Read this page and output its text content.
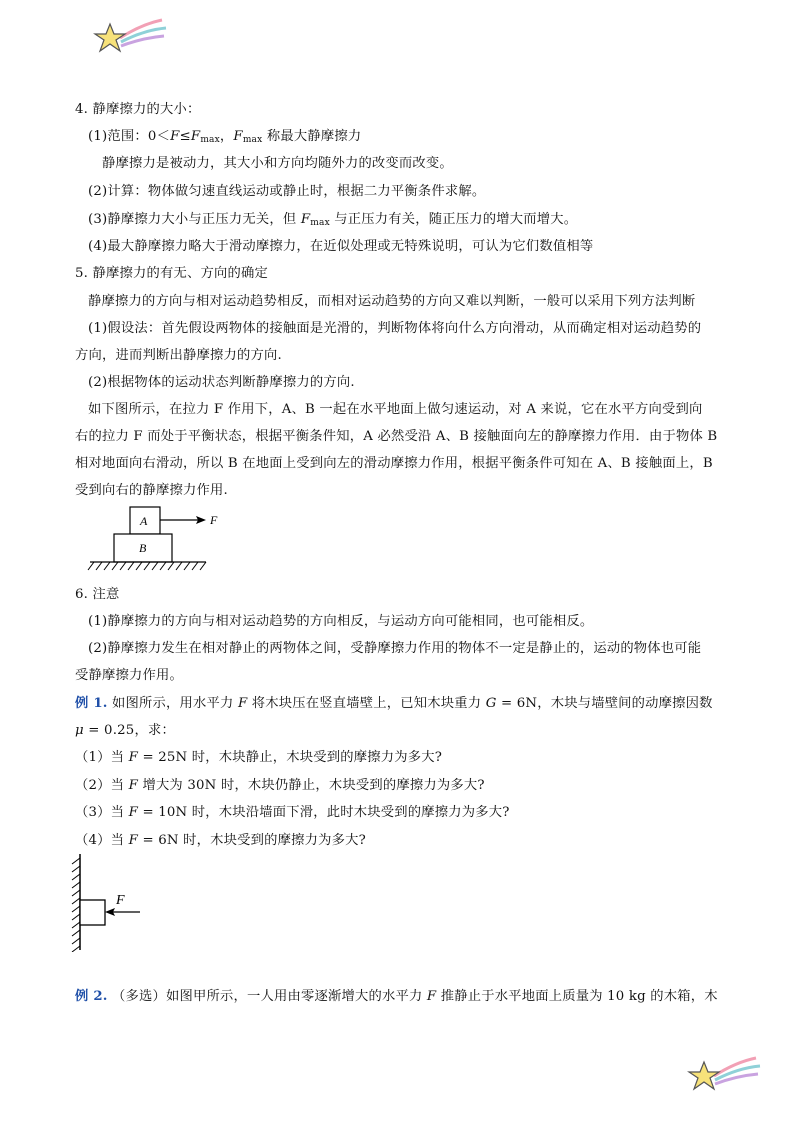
4. 静摩擦力的大小：
(1)范围：$0<F\le F_{max}$，$F_{max}$ 称最大静摩擦力
静摩擦力是被动力，其大小和方向均随外力的改变而改变。
(2)计算：物体做匀速直线运动或静止时，根据二力平衡条件求解。
(3)静摩擦力大小与正压力无关，但 $F_{max}$ 与正压力有关，随正压力的增大而增大。
(4)最大静摩擦力略大于滑动摩擦力，在近似处理或无特殊说明，可认为它们数值相等
5. 静摩擦力的有无、方向的确定
静摩擦力的方向与相对运动趋势相反，而相对运动趋势的方向又难以判断，一般可以采用下列方法判断
(1)假设法：首先假设两物体的接触面是光滑的，判断物体将向什么方向滑动，从而确定相对运动趋势的
方向，进而判断出静摩擦力的方向.
(2)根据物体的运动状态判断静摩擦力的方向.
如下图所示，在拉力 F 作用下，A、B 一起在水平地面上做匀速运动，对 A 来说，它在水平方向受到向
右的拉力 F 而处于平衡状态，根据平衡条件知，A 必然受沿 A、B 接触面向左的静摩擦力作用．由于物体 B
相对地面向右滑动，所以 B 在地面上受到向左的滑动摩擦力作用，根据平衡条件可知在 A、B 接触面上，B
受到向右的静摩擦力作用.
A
B
F
6. 注意
(1)静摩擦力的方向与相对运动趋势的方向相反，与运动方向可能相同，也可能相反。
(2)静摩擦力发生在相对静止的两物体之间，受静摩擦力作用的物体不一定是静止的，运动的物体也可能
受静摩擦力作用。
例 1. 如图所示，用水平力 F 将木块压在竖直墙壁上，已知木块重力 G = 6N，木块与墙壁间的动摩擦因数
μ = 0.25，求：
（1）当 F = 25N 时，木块静止，木块受到的摩擦力为多大?
（2）当 F 增大为 30N 时，木块仍静止，木块受到的摩擦力为多大?
（3）当 F = 10N 时，木块沿墙面下滑，此时木块受到的摩擦力为多大?
（4）当 F = 6N 时，木块受到的摩擦力为多大?
F
例 2. （多选）如图甲所示，一人用由零逐渐增大的水平力 F 推静止于水平地面上质量为 10 kg 的木箱，木
